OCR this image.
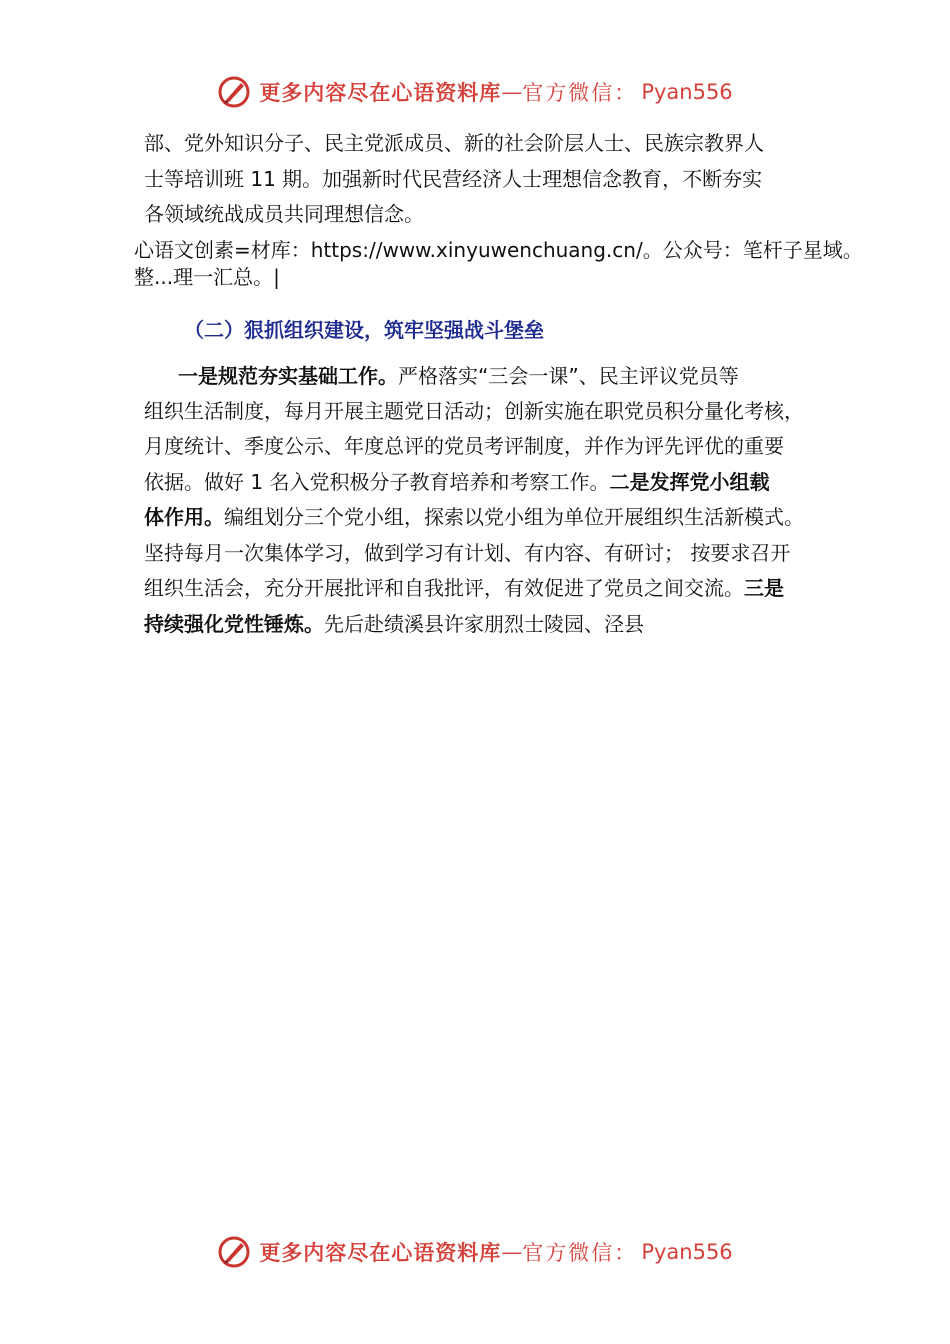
更多内容尽在心语资料库 — 官方微信： Pyan556
部、党外知识分子、民主党派成员、新的社会阶层人士、民族宗教界人
士等培训班 11 期。加强新时代民营经济人士理想信念教育，不断夯实
各领域统战成员共同理想信念。
心语文创素=材库：https://www.xinyuwenchuang.cn/。公众号：笔杆子星域。
整...理一汇总。|
（二）狠抓组织建设，筑牢坚强战斗堡垒
一是规范夯实基础工作。严格落实“三会一课”、民主评议党员等
组织生活制度，每月开展主题党日活动；创新实施在职党员积分量化考核，
月度统计、季度公示、年度总评的党员考评制度，并作为评先评优的重要
依据。做好 1 名入党积极分子教育培养和考察工作。二是发挥党小组载
体作用。编组划分三个党小组，探索以党小组为单位开展组织生活新模式。
坚持每月一次集体学习，做到学习有计划、有内容、有研讨； 按要求召开
组织生活会，充分开展批评和自我批评，有效促进了党员之间交流。三是
持续强化党性锤炼。先后赴绩溪县许家朋烈士陵园、泾县
更多内容尽在心语资料库 — 官方微信： Pyan556
